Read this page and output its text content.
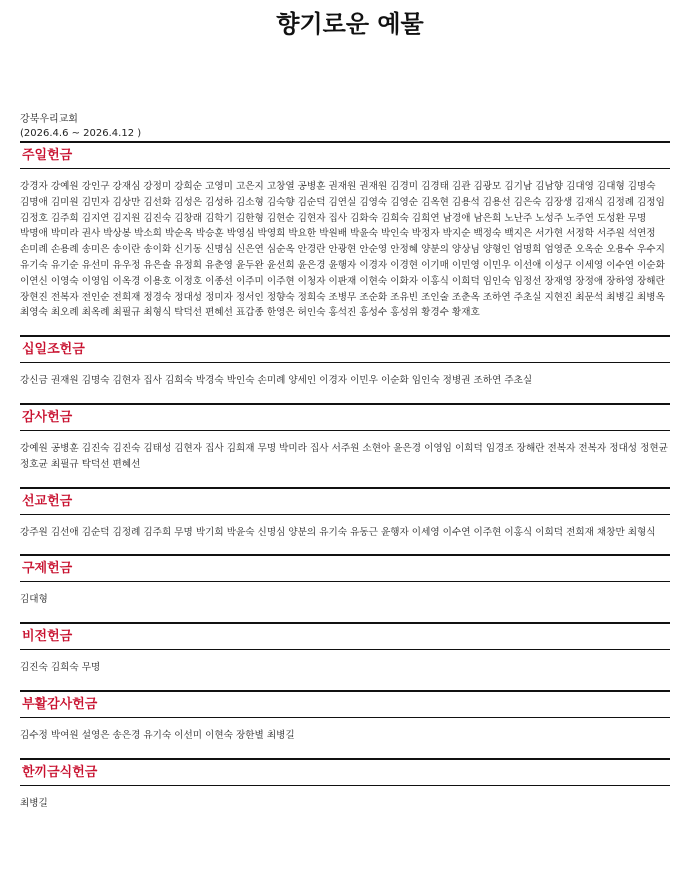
향기로운 예물
강북우리교회
(2026.4.6 ~ 2026.4.12 )
주일헌금
강경자 강예원 강인구 강재심 강정미 강희순 고영미 고은지 고창열 공병훈 권재원 권재원 김경미 김경태 김관 김광모 김기남 김남향 김대영 김대형 김명숙 김명애 김미원 김민자 김상만 김선화 김성은 김성하 김소형 김숙향 김순덕 김연실 김영숙 김영순 김옥현 김용석 김용선 김은숙 김장생 김재식 김정례 김정임 김정호 김주희 김지연 김지원 김진숙 김창래 김학기 김한형 김현순 김현자 집사 김화숙 김희숙 김희연 남경애 남은희 노난주 노성주 노주연 도성환 무명 박명애 박미라 권사 박상봉 박소희 박순옥 박승훈 박영심 박영희 박요한 박원배 박윤숙 박인숙 박정자 박지순 백정숙 백지은 서가현 서정학 서주원 석연정 손미례 손용례 송미은 송이란 송이화 신기동 신명심 신은연 심순옥 안경란 안광현 안순영 안정혜 양분의 양상님 양형인 엄명희 엄영준 오옥순 오용수 우수지 유기숙 유기순 유선미 유우정 유은솔 유정희 유춘영 윤두완 윤선희 윤은경 윤행자 이경자 이경현 이기매 이민영 이민우 이선애 이성구 이세영 이수연 이순화 이연신 이영숙 이영임 이옥경 이용호 이정호 이종선 이주미 이주현 이청자 이판재 이현숙 이화자 이홍식 이희덕 임인숙 임정선 장재영 장정애 장하영 장해란 장현진 전복자 전인순 전희재 정경숙 정대성 정미자 정서인 정향숙 정희숙 조병무 조순화 조유빈 조인술 조춘옥 조하연 주초실 지현진 최문석 최병길 최병옥 최영숙 최오례 최옥례 최필규 최형식 탁덕선 편혜선 표갑종 한영은 허인숙 홍석진 홍성수 홍성위 황경수 황재호
십일조헌금
강신금 권재원 김명숙 김현자 집사 김희숙 박경숙 박인숙 손미례 양세인 이경자 이민우 이순화 임인숙 정병권 조하연 주초실
감사헌금
강예원 공병훈 김진숙 김진숙 김태성 김현자 집사 김희재 무명 박미라 집사 서주원 소현아 윤은경 이영임 이희덕 임경조 장해란 전복자 전복자 정대성 정현균 정호균 최필규 탁덕선 편혜선
선교헌금
강주원 김선애 김순덕 김정례 김주희 무명 박기희 박윤숙 신명심 양분의 유기숙 유동근 윤행자 이세영 이수연 이주현 이홍식 이희덕 전희재 채창만 최형식
구제헌금
김대형
비전헌금
김진숙 김희숙 무명
부활감사헌금
김수정 박여원 설영은 송은경 유기숙 이선미 이현숙 장한별 최병길
한끼금식헌금
최병길
